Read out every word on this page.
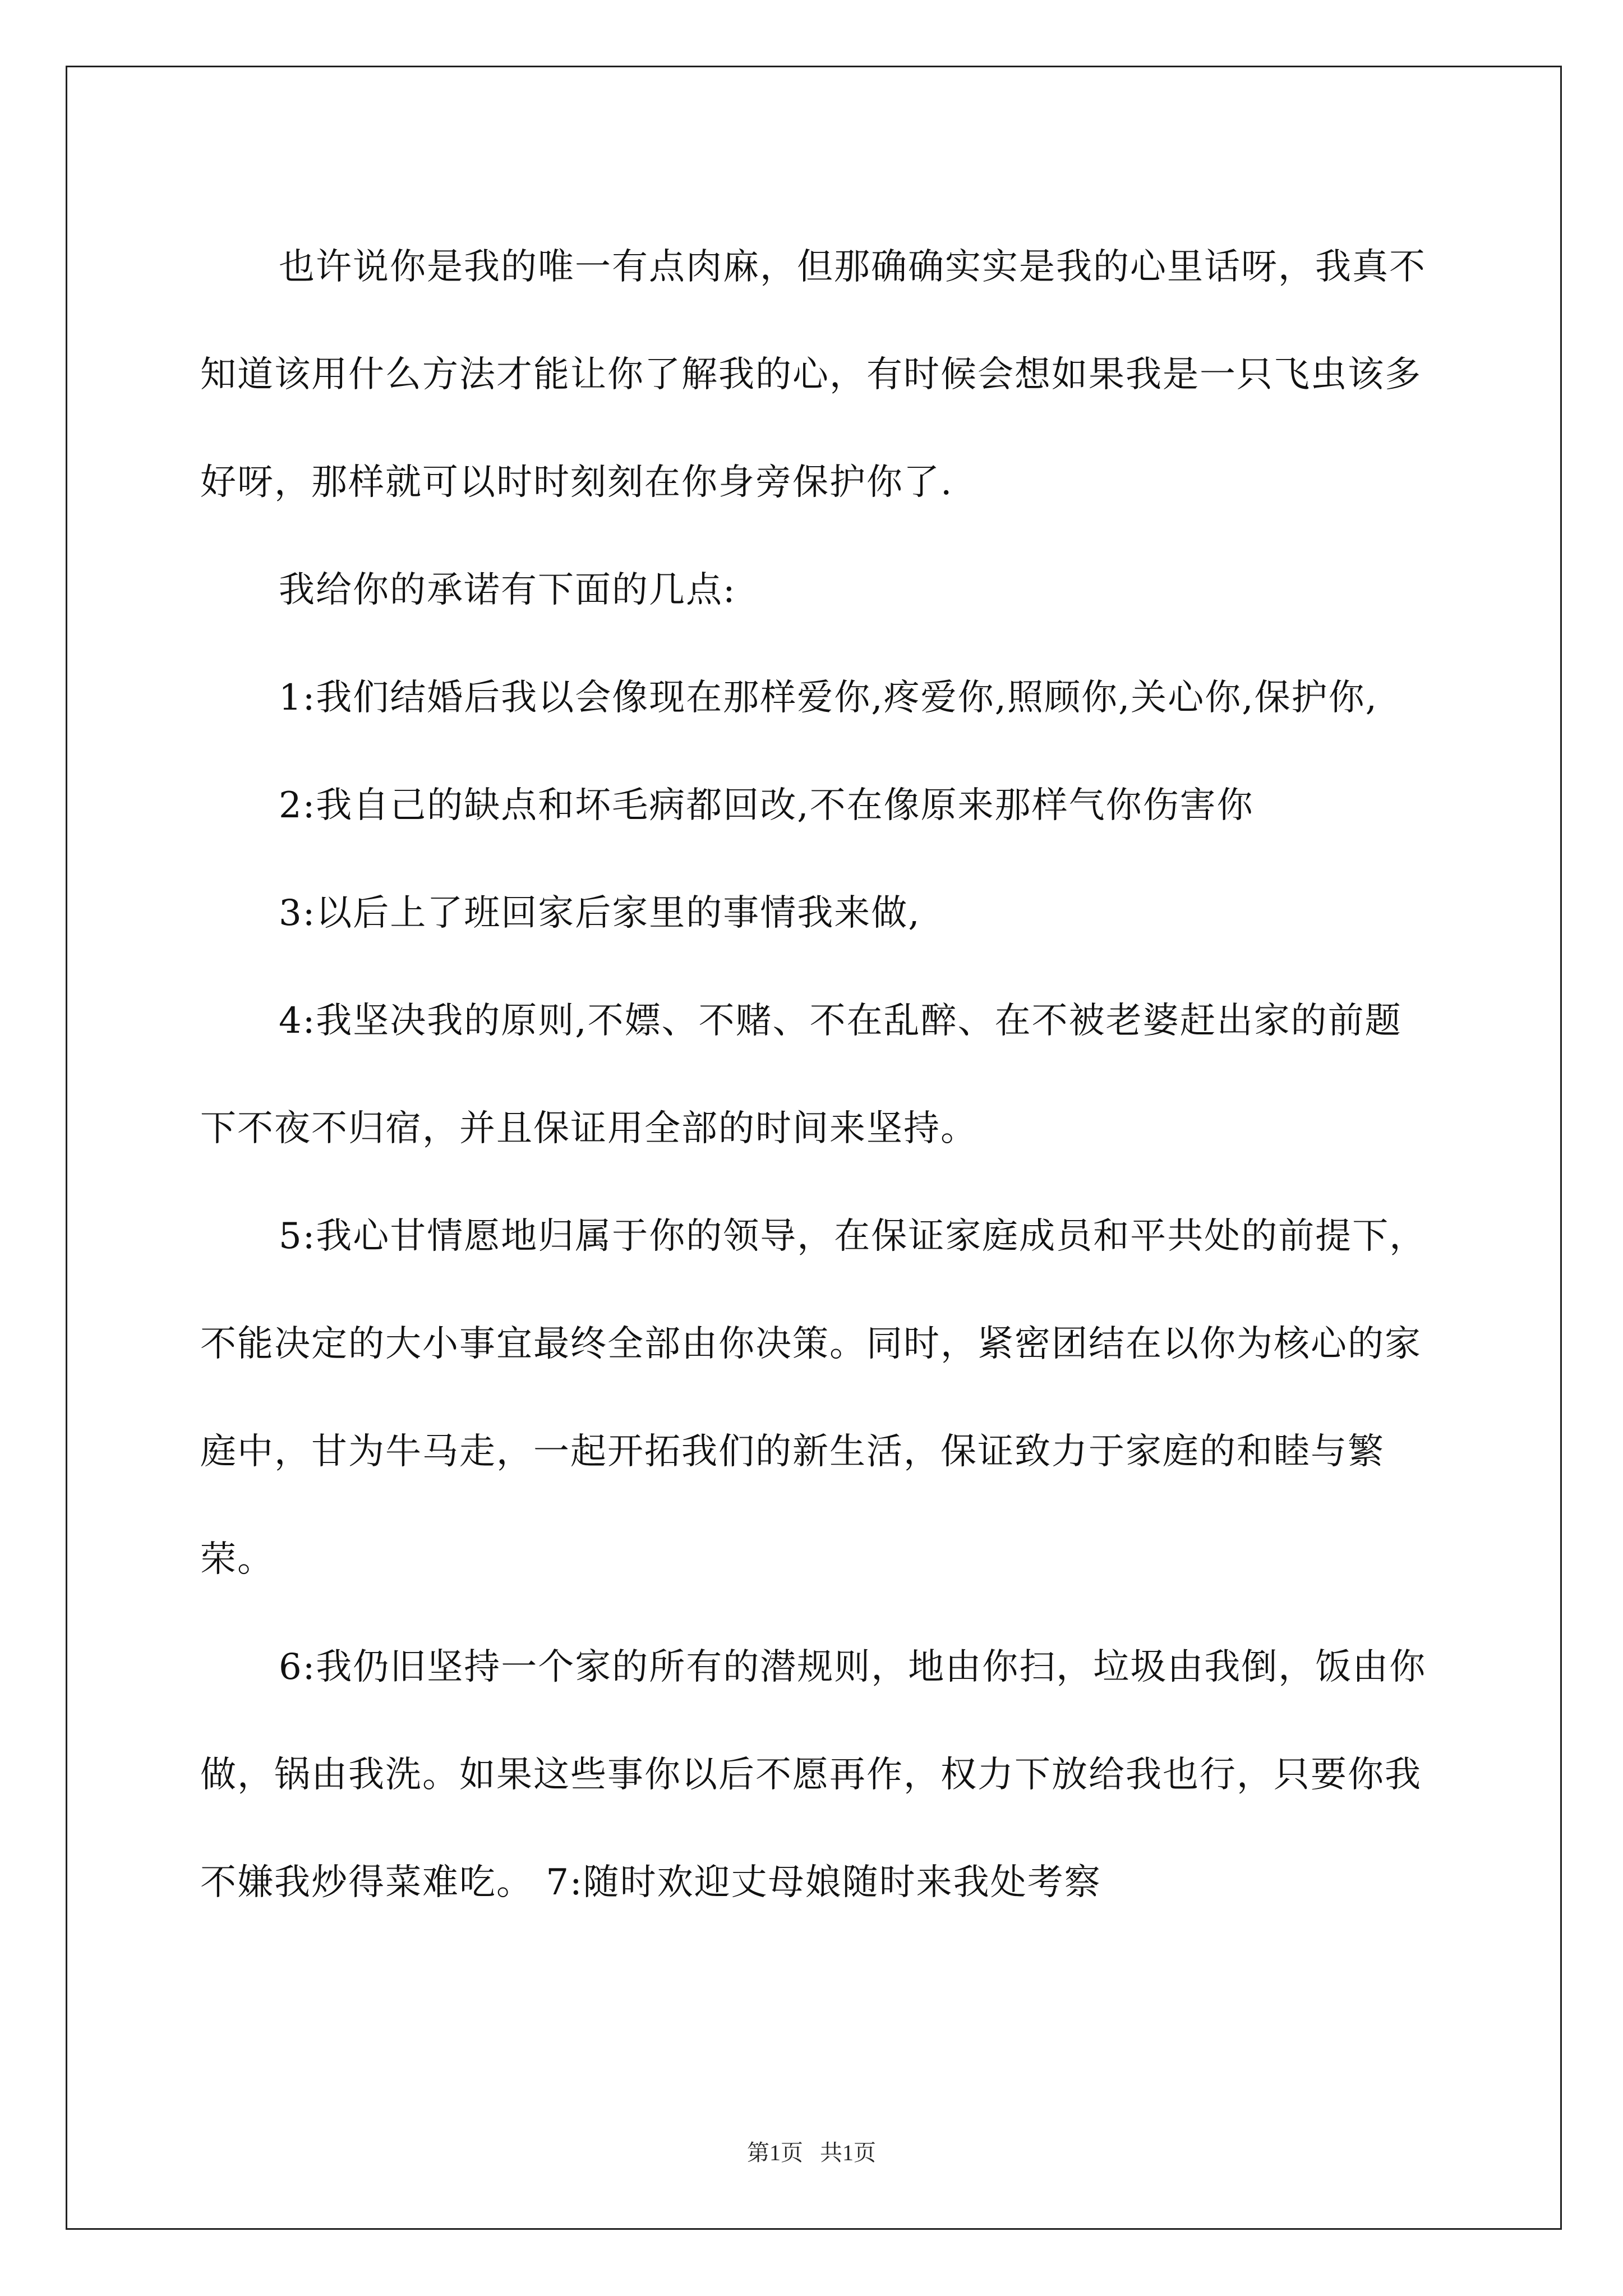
也许说你是我的唯一有点肉麻，但那确确实实是我的心里话呀，我真不知道该用什么方法才能让你了解我的心，有时候会想如果我是一只飞虫该多好呀，那样就可以时时刻刻在你身旁保护你了.

我给你的承诺有下面的几点:

1:我们结婚后我以会像现在那样爱你,疼爱你,照顾你,关心你,保护你,

2:我自己的缺点和坏毛病都回改,不在像原来那样气你伤害你

3:以后上了班回家后家里的事情我来做,

4:我坚决我的原则,不嫖、不赌、不在乱醉、在不被老婆赶出家的前题下不夜不归宿，并且保证用全部的时间来坚持。

5:我心甘情愿地归属于你的领导，在保证家庭成员和平共处的前提下，不能决定的大小事宜最终全部由你决策。同时，紧密团结在以你为核心的家庭中，甘为牛马走，一起开拓我们的新生活，保证致力于家庭的和睦与繁荣。

6:我仍旧坚持一个家的所有的潜规则，地由你扫，垃圾由我倒，饭由你做，锅由我洗。如果这些事你以后不愿再作，权力下放给我也行，只要你我不嫌我炒得菜难吃。 7:随时欢迎丈母娘随时来我处考察

第1页 共1页
